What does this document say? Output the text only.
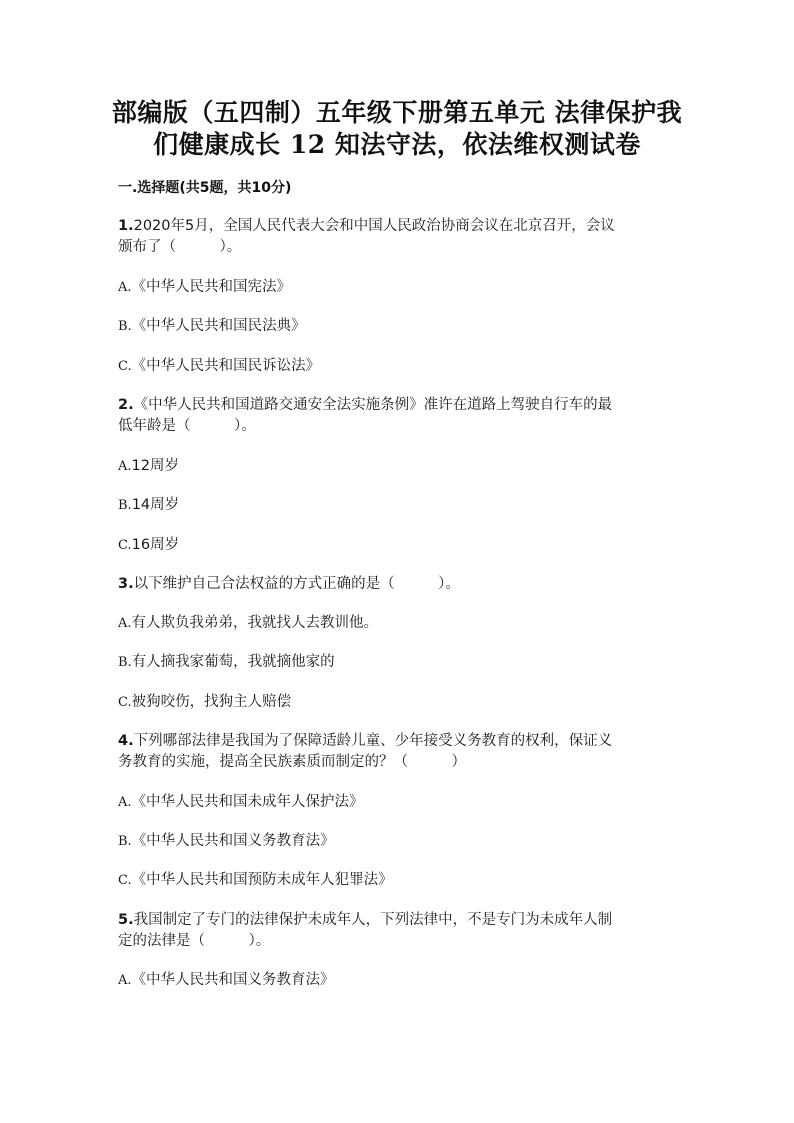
部编版（五四制）五年级下册第五单元 法律保护我
们健康成长 12 知法守法，依法维权测试卷
一.选择题(共5题，共10分)
1.2020年5月，全国人民代表大会和中国人民政治协商会议在北京召开，会议
颁布了（　　　）。
A.《中华人民共和国宪法》
B.《中华人民共和国民法典》
C.《中华人民共和国民诉讼法》
2.《中华人民共和国道路交通安全法实施条例》准许在道路上驾驶自行车的最
低年龄是（　　　）。
A.12周岁
B.14周岁
C.16周岁
3.以下维护自己合法权益的方式正确的是（　　　）。
A.有人欺负我弟弟，我就找人去教训他。
B.有人摘我家葡萄，我就摘他家的
C.被狗咬伤，找狗主人赔偿
4.下列哪部法律是我国为了保障适龄儿童、少年接受义务教育的权利，保证义
务教育的实施，提高全民族素质而制定的？（　　　）
A.《中华人民共和国未成年人保护法》
B.《中华人民共和国义务教育法》
C.《中华人民共和国预防未成年人犯罪法》
5.我国制定了专门的法律保护未成年人，下列法律中，不是专门为未成年人制
定的法律是（　　　）。
A.《中华人民共和国义务教育法》
